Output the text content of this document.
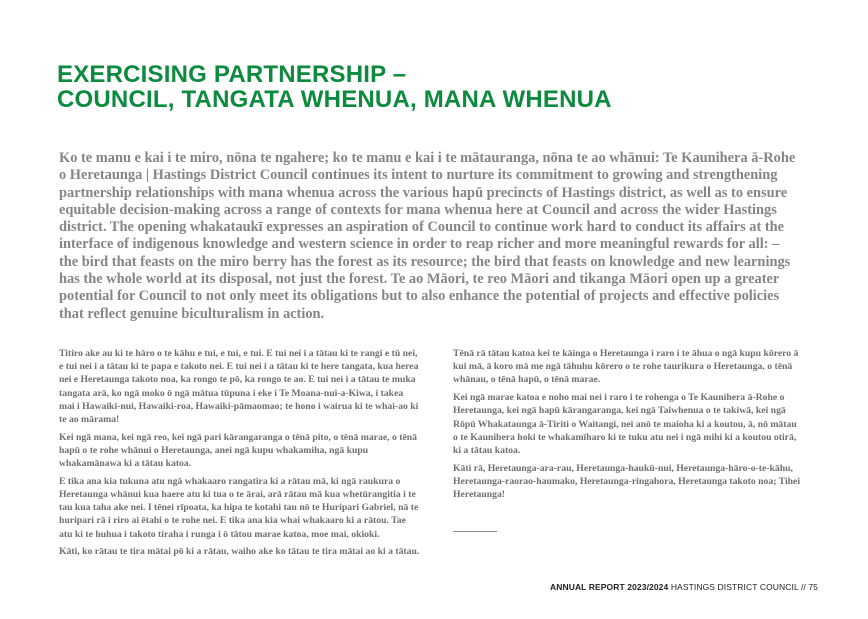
EXERCISING PARTNERSHIP –
COUNCIL, TANGATA WHENUA, MANA WHENUA

Ko te manu e kai i te miro, nōna te ngahere; ko te manu e kai i te mātauranga, nōna te ao whānui: Te Kaunihera ā-Rohe o Heretaunga | Hastings District Council continues its intent to nurture its commitment to growing and strengthening partnership relationships with mana whenua across the various hapū precincts of Hastings district, as well as to ensure equitable decision-making across a range of contexts for mana whenua here at Council and across the wider Hastings district. The opening whakataukī expresses an aspiration of Council to continue work hard to conduct its affairs at the interface of indigenous knowledge and western science in order to reap richer and more meaningful rewards for all: – the bird that feasts on the miro berry has the forest as its resource; the bird that feasts on knowledge and new learnings has the whole world at its disposal, not just the forest. Te ao Māori, te reo Māori and tikanga Māori open up a greater potential for Council to not only meet its obligations but to also enhance the potential of projects and effective policies that reflect genuine biculturalism in action.

Titiro ake au ki te hāro o te kāhu e tui, e tui, e tui. E tui nei i a tātau ki te rangi e tū nei, e tui nei i a tātau ki te papa e takoto nei. E tui nei i a tātau ki te here tangata, kua herea nei e Heretaunga takoto noa, ka rongo te pō, ka rongo te ao. E tui nei i a tātau te muka tangata arā, ko ngā moko ō ngā mātua tūpuna i eke i Te Moana-nui-a-Kiwa, i takea mai i Hawaiki-nui, Hawaiki-roa, Hawaiki-pāmaomao; te hono i wairua ki te whai-ao ki te ao mārama!

Kei ngā mana, kei ngā reo, kei ngā pari kārangaranga o tēnā pito, o tēnā marae, o tēnā hapū o te rohe whānui o Heretaunga, anei ngā kupu whakamiha, ngā kupu whakamānawa ki a tātau katoa.

E tika ana kia tukuna atu ngā whakaaro rangatira ki a rātau mā, ki ngā raukura o Heretaunga whānui kua haere atu ki tua o te ārai, arā rātau mā kua whetūrangitia i te tau kua taha ake nei. I tēnei rīpoata, ka hipa te kotahi tau nō te Huripari Gabriel, nā te huripari rā i riro ai ētahi o te rohe nei. E tika ana kia whai whakaaro ki a rātou. Tae atu ki te huhua i takoto tiraha i runga i ō tātou marae katoa, moe mai, okioki.

Kāti, ko rātau te tira mātai pō ki a rātau, waiho ake ko tātau te tira mātai ao ki a tātau.

Tēnā rā tātau katoa kei te kāinga o Heretaunga i raro i te āhua o ngā kupu kōrero ā kui mā, ā koro mā me ngā tāhuhu kōrero o te rohe taurikura o Heretaunga, o tēnā whānau, o tēnā hapū, o tēnā marae.

Kei ngā marae katoa e noho mai nei i raro i te rohenga o Te Kaunihera ā-Rohe o Heretaunga, kei ngā hapū kārangaranga, kei ngā Taiwhenua o te takiwā, kei ngā Rōpū Whakataunga ā-Tiriti o Waitangi, nei anō te maioha ki a koutou, ā, nō mātau o te Kaunihera hoki te whakamīharo ki te tuku atu nei i ngā mihi ki a koutou otirā, ki a tātau katoa.

Kāti rā, Heretaunga-ara-rau, Heretaunga-haukū-nui, Heretaunga-hāro-o-te-kāhu, Heretaunga-raorao-haumako, Heretaunga-ringahora, Heretaunga takoto noa; Tihei Heretaunga!

ANNUAL REPORT 2023/2024 HASTINGS DISTRICT COUNCIL // 75
